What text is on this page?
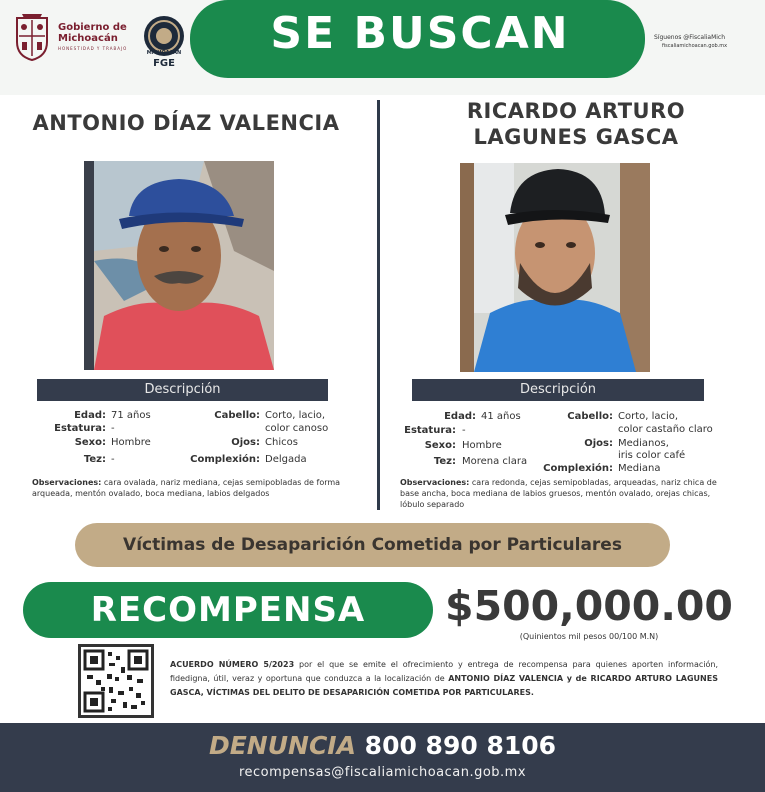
Gobierno de Michoacán
HONESTIDAD Y TRABAJO
MICHOACÁN
FGE
SE BUSCAN	Síguenos @FiscaliaMich
fiscaliamichoacan.gob.mx
ANTONIO DÍAZ VALENCIA
Descripción
Edad: 71 años
Estatura: -
Sexo: Hombre
Tez: -
Cabello: Corto, lacio,
color canoso
Ojos: Chicos
Complexión: Delgada
Observaciones: cara ovalada, nariz mediana, cejas semipobladas de forma arqueada, mentón ovalado, boca mediana, labios delgados
RICARDO ARTURO
LAGUNES GASCA
Descripción
Edad: 41 años
Estatura: -
Sexo: Hombre
Tez: Morena clara
Cabello: Corto, lacio,
color castaño claro
Ojos: Medianos,
iris color café
Complexión: Mediana
Observaciones: cara redonda, cejas semipobladas, arqueadas, nariz chica de base ancha, boca mediana de labios gruesos, mentón ovalado, orejas chicas, lóbulo separado
Víctimas de Desaparición Cometida por Particulares
RECOMPENSA	$500,000.00
(Quinientos mil pesos 00/100 M.N)
ACUERDO NÚMERO 5/2023 por el que se emite el ofrecimiento y entrega de recompensa para quienes aporten información, fidedigna, útil, veraz y oportuna que conduzca a la localización de ANTONIO DÍAZ VALENCIA y de RICARDO ARTURO LAGUNES GASCA, VÍCTIMAS DEL DELITO DE DESAPARICIÓN COMETIDA POR PARTICULARES.
DENUNCIA 800 890 8106
recompensas@fiscaliamichoacan.gob.mx
